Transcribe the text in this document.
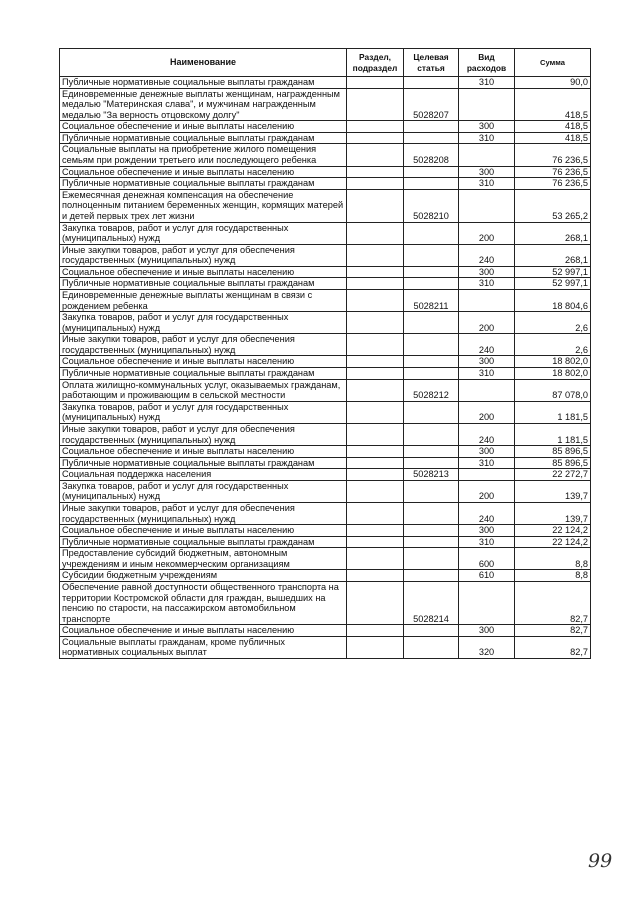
Наименование	Раздел, подраздел	Целевая статья	Вид расходов	Сумма
Публичные нормативные социальные выплаты гражданам			310	90,0
Единовременные денежные выплаты женщинам, награжденным медалью "Материнская слава", и мужчинам награжденным медалью "За верность отцовскому долгу"		5028207		418,5
Социальное обеспечение и иные выплаты населению			300	418,5
Публичные нормативные социальные выплаты гражданам			310	418,5
Социальные выплаты на приобретение жилого помещения семьям при рождении третьего или последующего ребенка		5028208		76 236,5
Социальное обеспечение и иные выплаты населению			300	76 236,5
Публичные нормативные социальные выплаты гражданам			310	76 236,5
Ежемесячная денежная компенсация на обеспечение полноценным питанием беременных женщин, кормящих матерей и детей первых трех лет жизни		5028210		53 265,2
Закупка товаров, работ и услуг для государственных (муниципальных) нужд			200	268,1
Иные закупки товаров, работ и услуг для обеспечения государственных (муниципальных) нужд			240	268,1
Социальное обеспечение и иные выплаты населению			300	52 997,1
Публичные нормативные социальные выплаты гражданам			310	52 997,1
Единовременные денежные выплаты женщинам в связи с рождением ребенка		5028211		18 804,6
Закупка товаров, работ и услуг для государственных (муниципальных) нужд			200	2,6
Иные закупки товаров, работ и услуг для обеспечения государственных (муниципальных) нужд			240	2,6
Социальное обеспечение и иные выплаты населению			300	18 802,0
Публичные нормативные социальные выплаты гражданам			310	18 802,0
Оплата жилищно-коммунальных услуг, оказываемых гражданам, работающим и проживающим в сельской местности		5028212		87 078,0
Закупка товаров, работ и услуг для государственных (муниципальных) нужд			200	1 181,5
Иные закупки товаров, работ и услуг для обеспечения государственных (муниципальных) нужд			240	1 181,5
Социальное обеспечение и иные выплаты населению			300	85 896,5
Публичные нормативные социальные выплаты гражданам			310	85 896,5
Социальная поддержка населения		5028213		22 272,7
Закупка товаров, работ и услуг для государственных (муниципальных) нужд			200	139,7
Иные закупки товаров, работ и услуг для обеспечения государственных (муниципальных) нужд			240	139,7
Социальное обеспечение и иные выплаты населению			300	22 124,2
Публичные нормативные социальные выплаты гражданам			310	22 124,2
Предоставление субсидий бюджетным, автономным учреждениям и иным некоммерческим организациям			600	8,8
Субсидии бюджетным учреждениям			610	8,8
Обеспечение равной доступности общественного транспорта на территории Костромской области для граждан, вышедших на пенсию по старости, на пассажирском автомобильном транспорте		5028214		82,7
Социальное обеспечение и иные выплаты населению			300	82,7
Социальные выплаты гражданам, кроме публичных нормативных социальных выплат			320	82,7
99
